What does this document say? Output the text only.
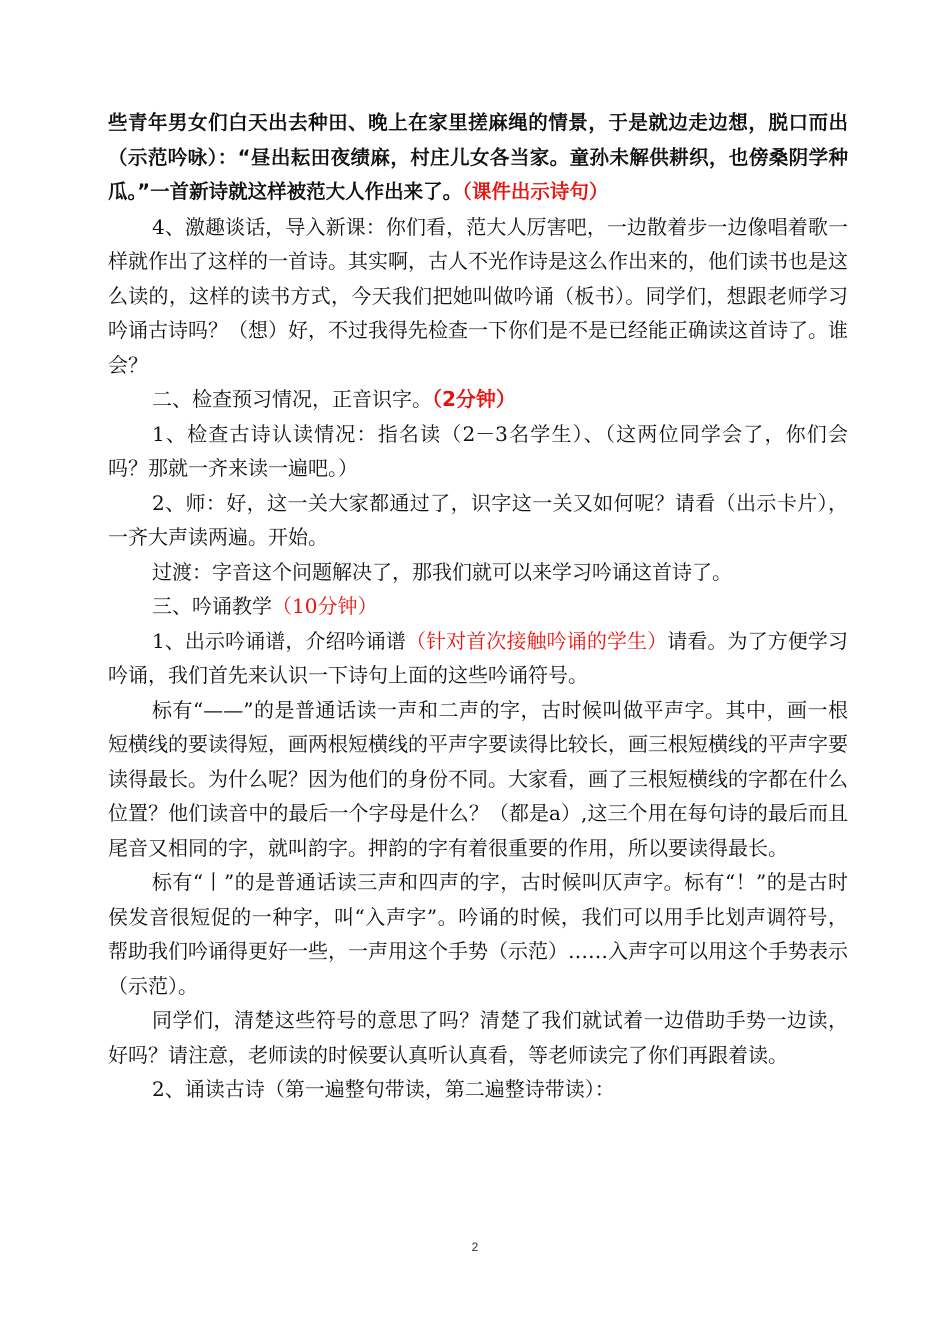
些青年男女们白天出去种田、晚上在家里搓麻绳的情景，于是就边走边想，脱口而出（示范吟咏）：“昼出耘田夜绩麻，村庄儿女各当家。童孙未解供耕织，也傍桑阴学种瓜。”一首新诗就这样被范大人作出来了。（课件出示诗句）

4、激趣谈话，导入新课：你们看，范大人厉害吧，一边散着步一边像唱着歌一样就作出了这样的一首诗。其实啊，古人不光作诗是这么作出来的，他们读书也是这么读的，这样的读书方式，今天我们把她叫做吟诵（板书）。同学们，想跟老师学习吟诵古诗吗？（想）好，不过我得先检查一下你们是不是已经能正确读这首诗了。谁会？

二、检查预习情况，正音识字。（2分钟）

1、检查古诗认读情况：指名读（2－3名学生）、（这两位同学会了，你们会吗？那就一齐来读一遍吧。）

2、师：好，这一关大家都通过了，识字这一关又如何呢？请看（出示卡片），一齐大声读两遍。开始。

过渡：字音这个问题解决了，那我们就可以来学习吟诵这首诗了。

三、吟诵教学（10分钟）

1、出示吟诵谱，介绍吟诵谱（针对首次接触吟诵的学生）请看。为了方便学习吟诵，我们首先来认识一下诗句上面的这些吟诵符号。

标有“——”的是普通话读一声和二声的字，古时候叫做平声字。其中，画一根短横线的要读得短，画两根短横线的平声字要读得比较长，画三根短横线的平声字要读得最长。为什么呢？因为他们的身份不同。大家看，画了三根短横线的字都在什么位置？他们读音中的最后一个字母是什么？（都是a）,这三个用在每句诗的最后而且尾音又相同的字，就叫韵字。押韵的字有着很重要的作用，所以要读得最长。

标有“丨”的是普通话读三声和四声的字，古时候叫仄声字。标有“！”的是古时侯发音很短促的一种字，叫“入声字”。吟诵的时候，我们可以用手比划声调符号，帮助我们吟诵得更好一些，一声用这个手势（示范）……入声字可以用这个手势表示（示范）。

同学们，清楚这些符号的意思了吗？清楚了我们就试着一边借助手势一边读，好吗？请注意，老师读的时候要认真听认真看，等老师读完了你们再跟着读。

2、诵读古诗（第一遍整句带读，第二遍整诗带读）：

2
